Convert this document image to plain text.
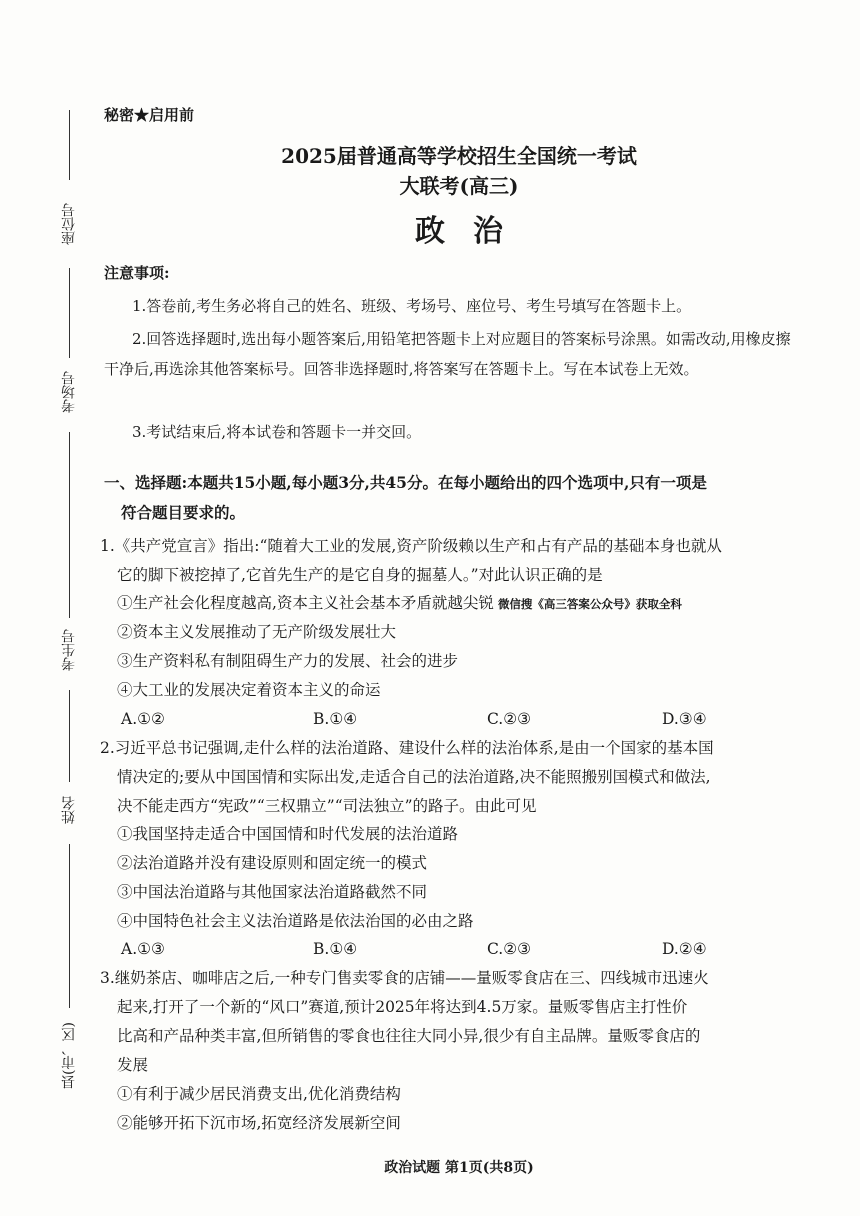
座位号
考场号
考生号
姓名
县(市、区)
秘密★启用前
2025届普通高等学校招生全国统一考试
大联考(高三)
政治
注意事项:
1.答卷前,考生务必将自己的姓名、班级、考场号、座位号、考生号填写在答题卡上。
2.回答选择题时,选出每小题答案后,用铅笔把答题卡上对应题目的答案标号涂黑。如需改动,用橡皮擦干净后,再选涂其他答案标号。回答非选择题时,将答案写在答题卡上。写在本试卷上无效。
3.考试结束后,将本试卷和答题卡一并交回。
一、选择题:本题共15小题,每小题3分,共45分。在每小题给出的四个选项中,只有一项是
符合题目要求的。
1.《共产党宣言》指出:“随着大工业的发展,资产阶级赖以生产和占有产品的基础本身也就从
它的脚下被挖掉了,它首先生产的是它自身的掘墓人。”对此认识正确的是
①生产社会化程度越高,资本主义社会基本矛盾就越尖锐 微信搜《高三答案公众号》获取全科
②资本主义发展推动了无产阶级发展壮大
③生产资料私有制阻碍生产力的发展、社会的进步
④大工业的发展决定着资本主义的命运
A.①②	B.①④	C.②③	D.③④
2.习近平总书记强调,走什么样的法治道路、建设什么样的法治体系,是由一个国家的基本国
情决定的;要从中国国情和实际出发,走适合自己的法治道路,决不能照搬别国模式和做法,
决不能走西方“宪政”“三权鼎立”“司法独立”的路子。由此可见
①我国坚持走适合中国国情和时代发展的法治道路
②法治道路并没有建设原则和固定统一的模式
③中国法治道路与其他国家法治道路截然不同
④中国特色社会主义法治道路是依法治国的必由之路
A.①③	B.①④	C.②③	D.②④
3.继奶茶店、咖啡店之后,一种专门售卖零食的店铺——量贩零食店在三、四线城市迅速火
起来,打开了一个新的“风口”赛道,预计2025年将达到4.5万家。量贩零售店主打性价
比高和产品种类丰富,但所销售的零食也往往大同小异,很少有自主品牌。量贩零食店的
发展
①有利于减少居民消费支出,优化消费结构
②能够开拓下沉市场,拓宽经济发展新空间
政治试题 第1页(共8页)
